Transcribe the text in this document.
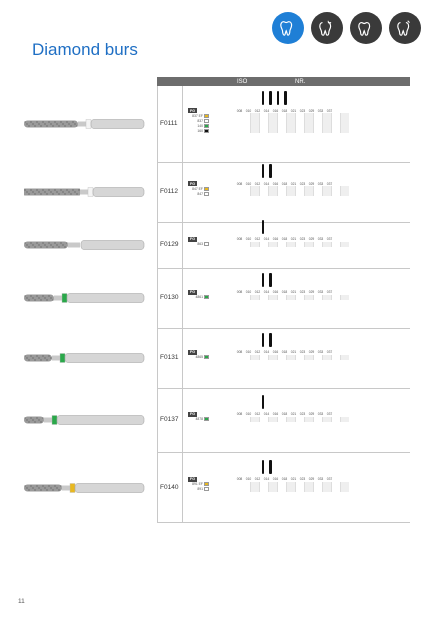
Diamond burs
ISO	NR.
F0111
FG	008	010	012	014	016	018	021	023	029	033	037
837 EF
837
140
160
F0112
FG	008	010	012	014	016	018	021	023	029	033	037
847 EF
847
F0129
FG	008	010	012	014	016	018	021	023	029	033	037
863
F0130
FG	008	010	012	014	016	018	021	023	029	033	037
4861
F0131
FG	008	010	012	014	016	018	021	023	029	033	037
4865
F0137
FG	008	010	012	014	016	018	021	023	029	033	037
4878
F0140
FG	008	010	012	014	016	018	021	023	029	033	037
891 EF
891
11
